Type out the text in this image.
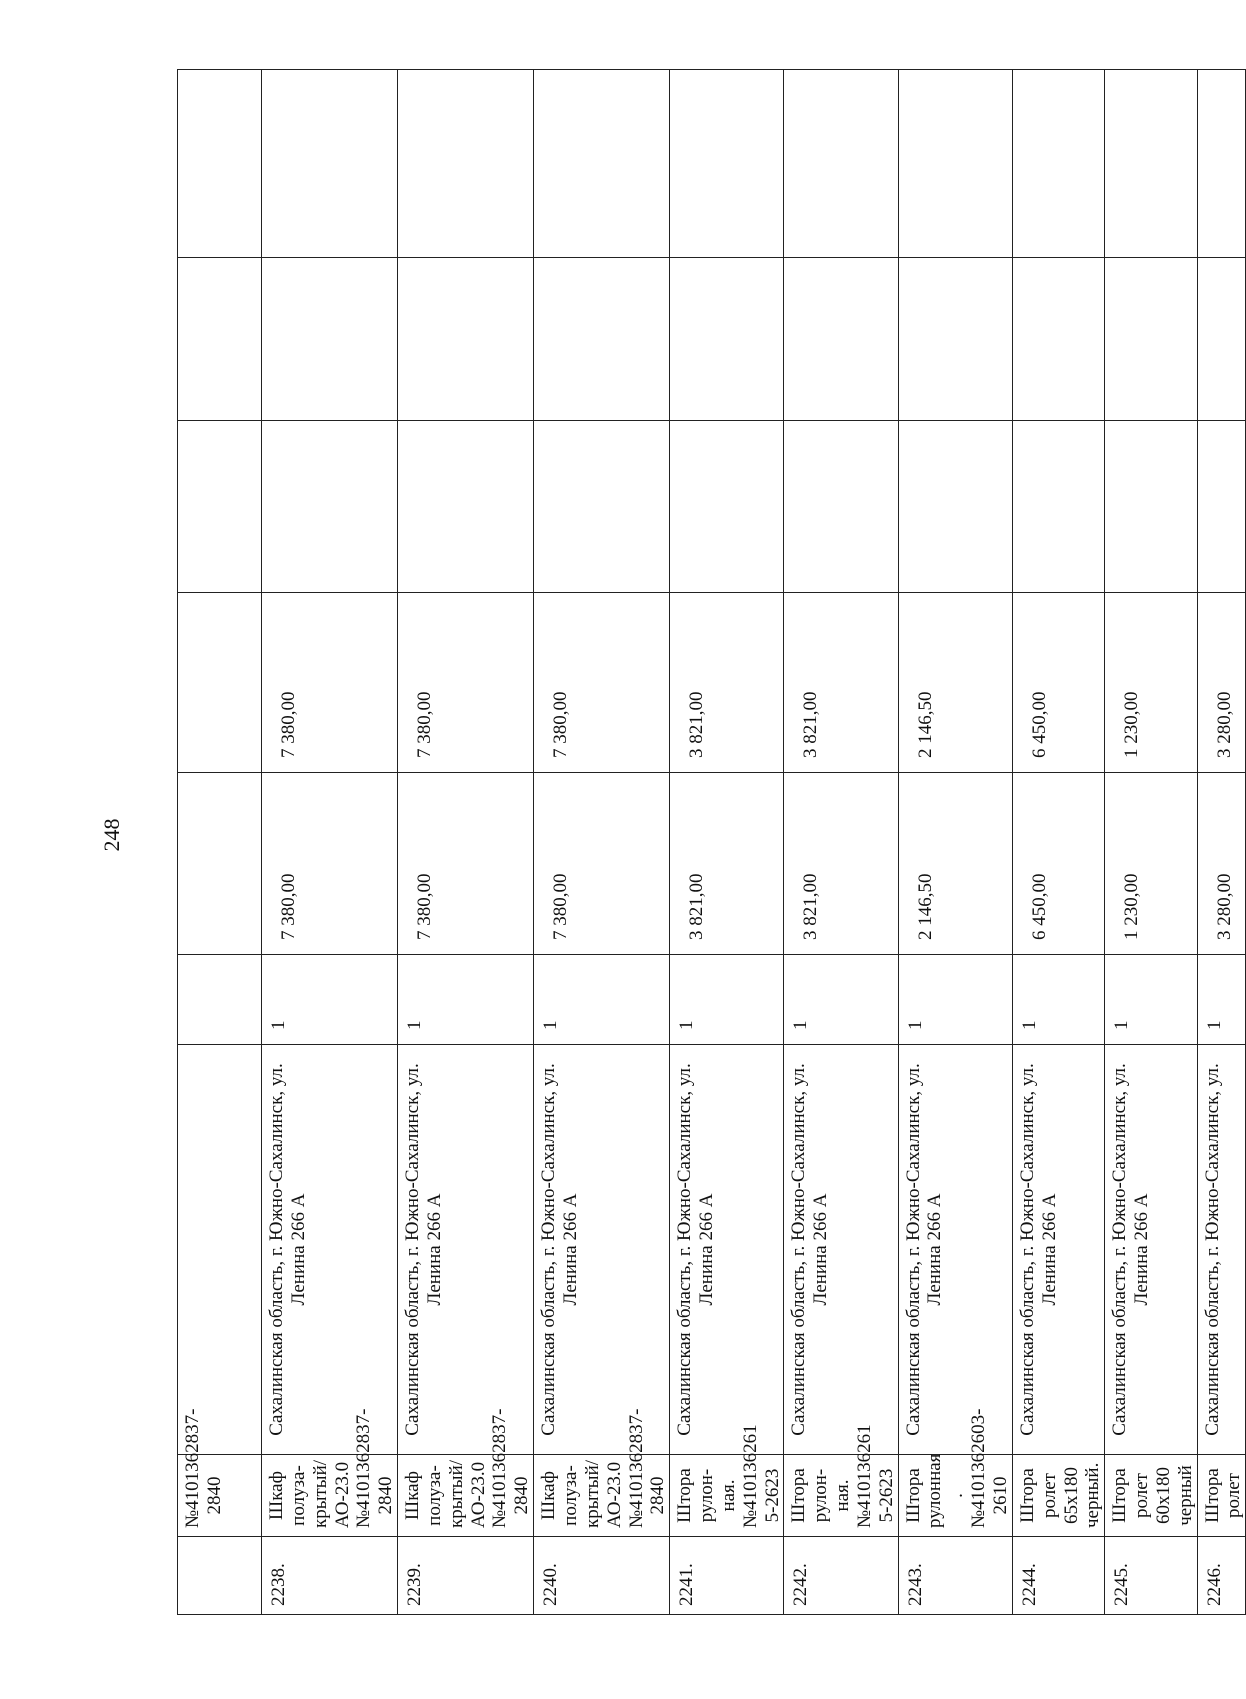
248
	№4101362837-2840							
2238.	Шкаф полуза-крытый/АО-23.0 №4101362837-2840	Сахалинская область, г. Южно-Сахалинск, ул. Ленина 266 А	1	7 380,00	7 380,00			
2239.	Шкаф полуза-крытый/АО-23.0 №4101362837-2840	Сахалинская область, г. Южно-Сахалинск, ул. Ленина 266 А	1	7 380,00	7 380,00			
2240.	Шкаф полуза-крытый/АО-23.0 №4101362837-2840	Сахалинская область, г. Южно-Сахалинск, ул. Ленина 266 А	1	7 380,00	7 380,00			
2241.	Штора рулон-ная.№410136261 5-2623	Сахалинская область, г. Южно-Сахалинск, ул. Ленина 266 А	1	3 821,00	3 821,00			
2242.	Штора рулон-ная.№410136261 5-2623	Сахалинская область, г. Южно-Сахалинск, ул. Ленина 266 А	1	3 821,00	3 821,00			
2243.	Штора рулонная .№4101362603-2610	Сахалинская область, г. Южно-Сахалинск, ул. Ленина 266 А	1	2 146,50	2 146,50			
2244.	Штора ролет 65x180 черный.	Сахалинская область, г. Южно-Сахалинск, ул. Ленина 266 А	1	6 450,00	6 450,00			
2245.	Штора ролет 60x180 черный	Сахалинская область, г. Южно-Сахалинск, ул. Ленина 266 А	1	1 230,00	1 230,00			
2246.	Штора ролет	Сахалинская область, г. Южно-Сахалинск, ул.	1	3 280,00	3 280,00			
